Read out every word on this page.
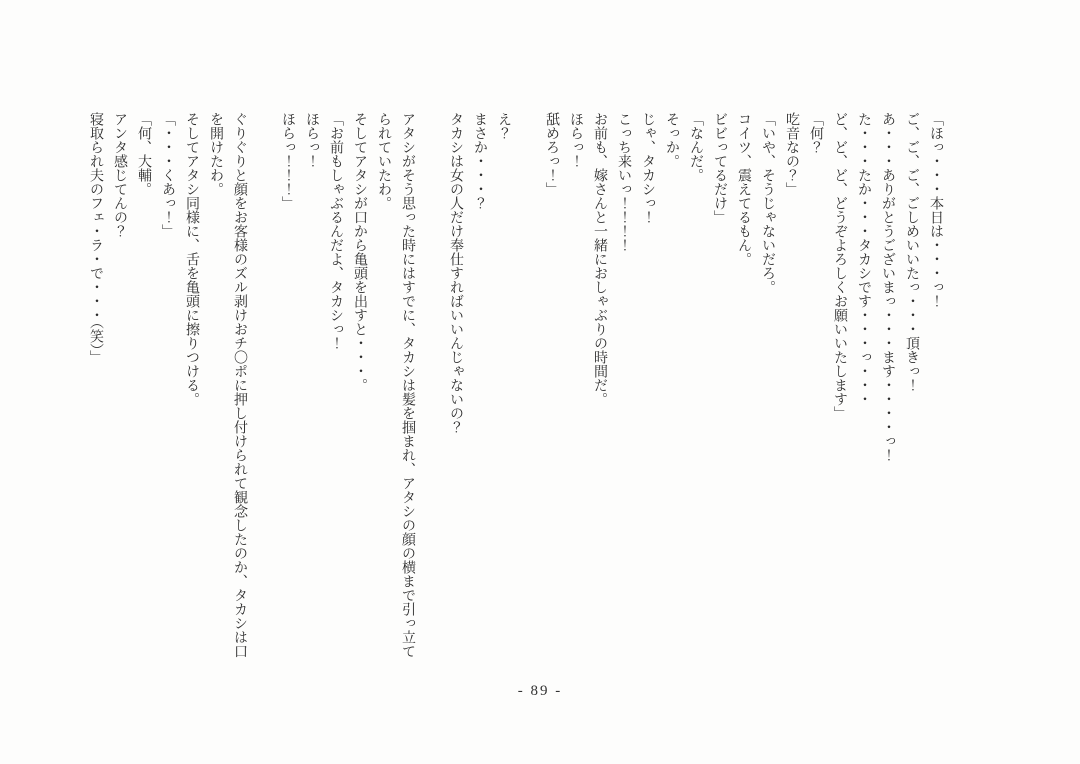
「ほっ・・・本日は・・・っ！

ご、ご、ご、ごしめいいたっ・・・頂きっ！

あ・・・ありがとうございまっ・・・ます・・・・っ！

た・・・たか・・・タカシです・・・っ・・・

ど、ど、ど、どうぞよろしくお願いいたします」

「何？

吃音なの？」

「いや、そうじゃないだろ。

コイツ、震えてるもん。

ビビってるだけ」

「なんだ。

そっか。

じゃ、タカシっ！

こっち来いっ！！！！

お前も、嫁さんと一緒におしゃぶりの時間だ。

ほらっ！

舐めろっ！」

え？

まさか・・・？

タカシは女の人だけ奉仕すればいいんじゃないの？

アタシがそう思った時にはすでに、タカシは髪を掴まれ、アタシの顔の横まで引っ立てられていたわ。

そしてアタシが口から亀頭を出すと・・・。

「お前もしゃぶるんだよ、タカシっ！

ほらっ！

ほらっ！！！」

ぐりぐりと顔をお客様のズル剥けおチ〇ポに押し付けられて観念したのか、タカシは口を開けたわ。

そしてアタシ同様に、舌を亀頭に擦りつける。

「・・・くあっ！」

「何、大輔。

アンタ感じてんの？

寝取られ夫のフェ・ラ・で・・・（笑）」

- 89 -
